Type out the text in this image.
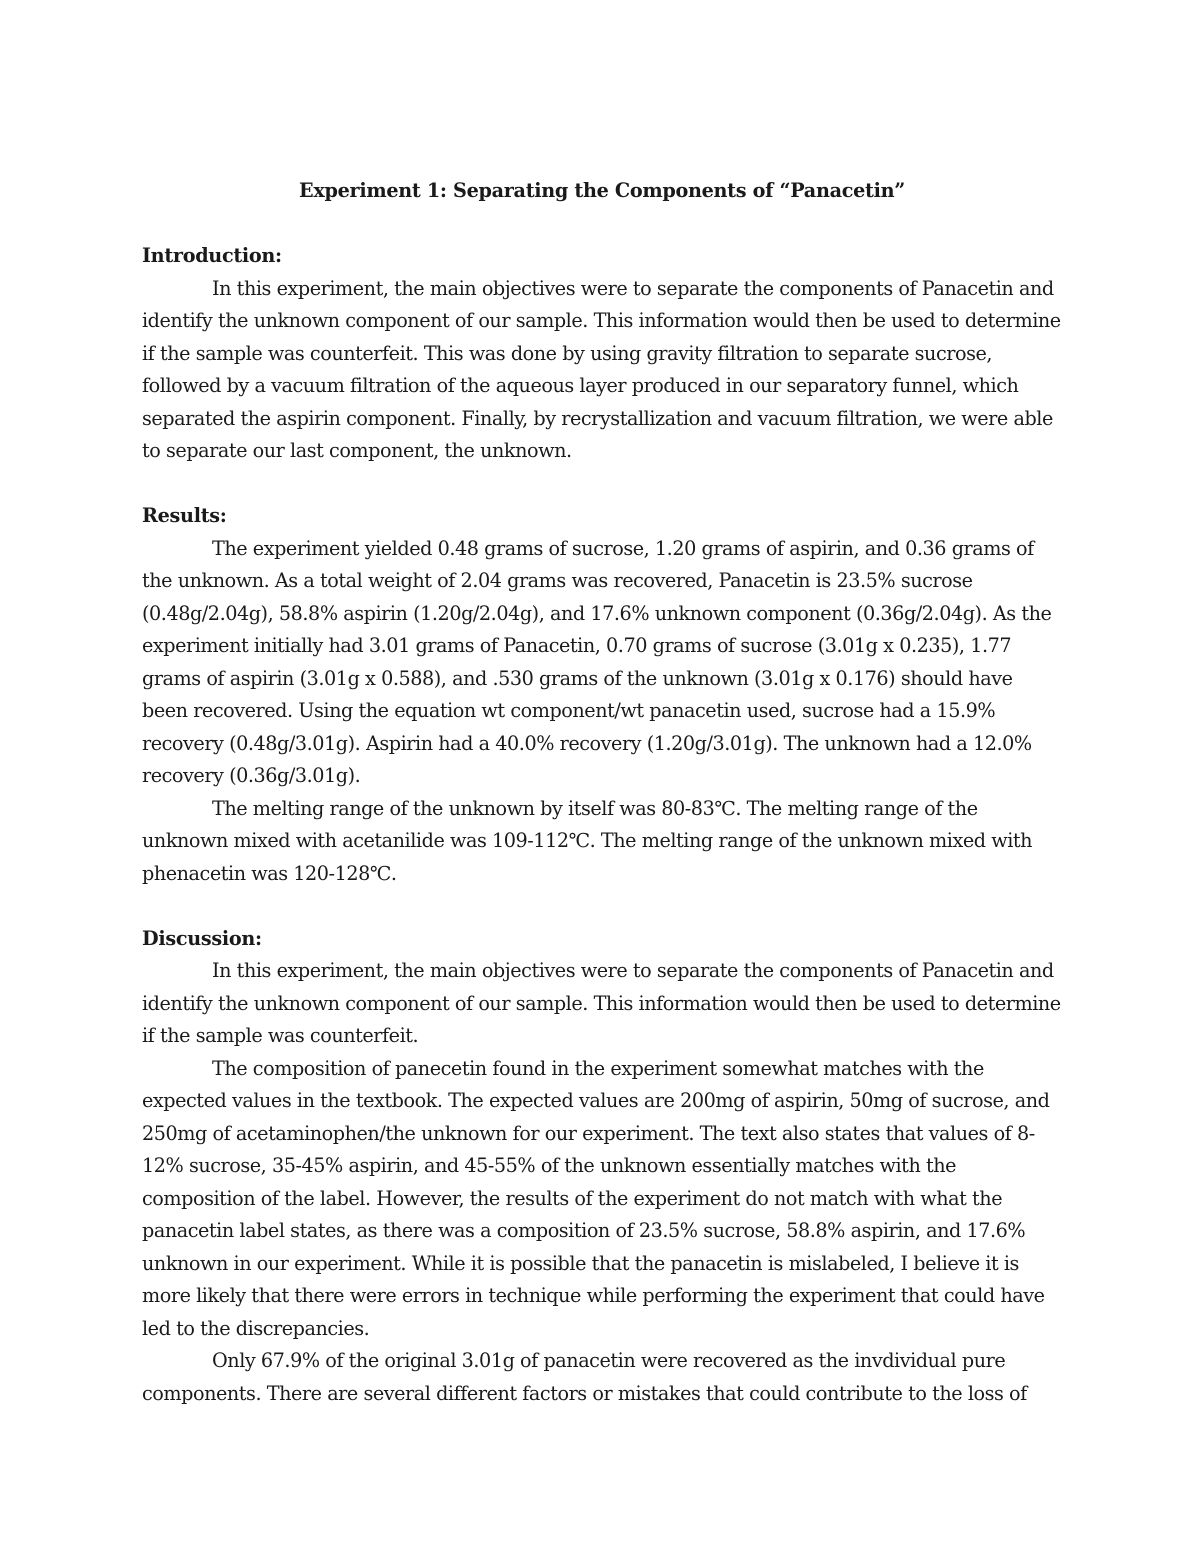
Experiment 1: Separating the Components of “Panacetin”

Introduction:

In this experiment, the main objectives were to separate the components of Panacetin and identify the unknown component of our sample. This information would then be used to determine if the sample was counterfeit. This was done by using gravity filtration to separate sucrose, followed by a vacuum filtration of the aqueous layer produced in our separatory funnel, which separated the aspirin component. Finally, by recrystallization and vacuum filtration, we were able to separate our last component, the unknown.

Results:

The experiment yielded 0.48 grams of sucrose, 1.20 grams of aspirin, and 0.36 grams of the unknown. As a total weight of 2.04 grams was recovered, Panacetin is 23.5% sucrose (0.48g/2.04g), 58.8% aspirin (1.20g/2.04g), and 17.6% unknown component (0.36g/2.04g). As the experiment initially had 3.01 grams of Panacetin, 0.70 grams of sucrose (3.01g x 0.235), 1.77 grams of aspirin (3.01g x 0.588), and .530 grams of the unknown (3.01g x 0.176) should have been recovered. Using the equation wt component/wt panacetin used, sucrose had a 15.9% recovery (0.48g/3.01g). Aspirin had a 40.0% recovery (1.20g/3.01g). The unknown had a 12.0% recovery (0.36g/3.01g).

The melting range of the unknown by itself was 80-83℃. The melting range of the unknown mixed with acetanilide was 109-112℃. The melting range of the unknown mixed with phenacetin was 120-128℃.

Discussion:

In this experiment, the main objectives were to separate the components of Panacetin and identify the unknown component of our sample. This information would then be used to determine if the sample was counterfeit.

The composition of panecetin found in the experiment somewhat matches with the expected values in the textbook. The expected values are 200mg of aspirin, 50mg of sucrose, and 250mg of acetaminophen/the unknown for our experiment. The text also states that values of 8-12% sucrose, 35-45% aspirin, and 45-55% of the unknown essentially matches with the composition of the label. However, the results of the experiment do not match with what the panacetin label states, as there was a composition of 23.5% sucrose, 58.8% aspirin, and 17.6% unknown in our experiment. While it is possible that the panacetin is mislabeled, I believe it is more likely that there were errors in technique while performing the experiment that could have led to the discrepancies.

Only 67.9% of the original 3.01g of panacetin were recovered as the invdividual pure components. There are several different factors or mistakes that could contribute to the loss of
